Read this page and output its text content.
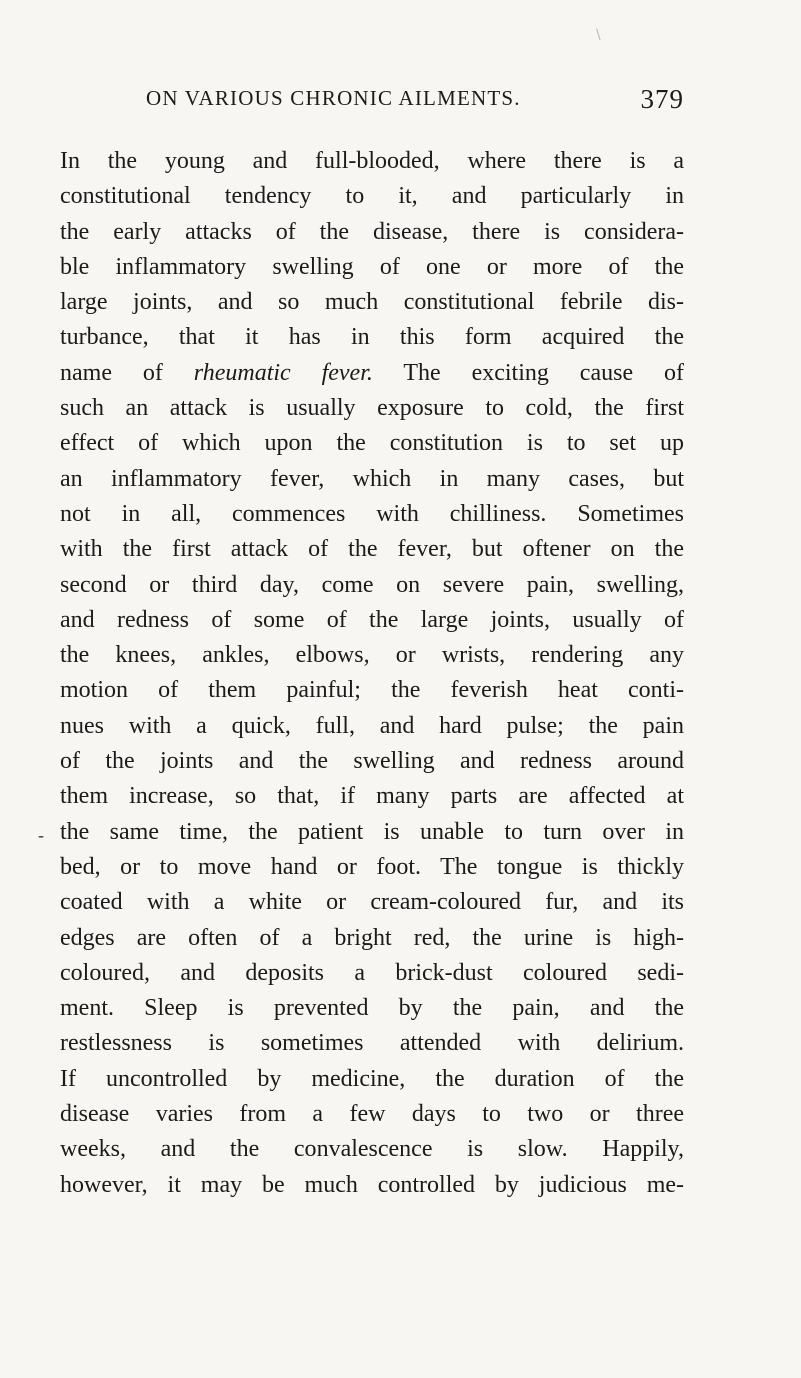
\
ON VARIOUS CHRONIC AILMENTS.	379
-
In the young and full-blooded, where there is a
constitutional tendency to it, and particularly in
the early attacks of the disease, there is considera-
ble inflammatory swelling of one or more of the
large joints, and so much constitutional febrile dis-
turbance, that it has in this form acquired the
name of rheumatic fever. The exciting cause of
such an attack is usually exposure to cold, the first
effect of which upon the constitution is to set up
an inflammatory fever, which in many cases, but
not in all, commences with chilliness. Sometimes
with the first attack of the fever, but oftener on the
second or third day, come on severe pain, swelling,
and redness of some of the large joints, usually of
the knees, ankles, elbows, or wrists, rendering any
motion of them painful; the feverish heat conti-
nues with a quick, full, and hard pulse; the pain
of the joints and the swelling and redness around
them increase, so that, if many parts are affected at
the same time, the patient is unable to turn over in
bed, or to move hand or foot. The tongue is thickly
coated with a white or cream-coloured fur, and its
edges are often of a bright red, the urine is high-
coloured, and deposits a brick-dust coloured sedi-
ment. Sleep is prevented by the pain, and the
restlessness is sometimes attended with delirium.
If uncontrolled by medicine, the duration of the
disease varies from a few days to two or three
weeks, and the convalescence is slow. Happily,
however, it may be much controlled by judicious me-
